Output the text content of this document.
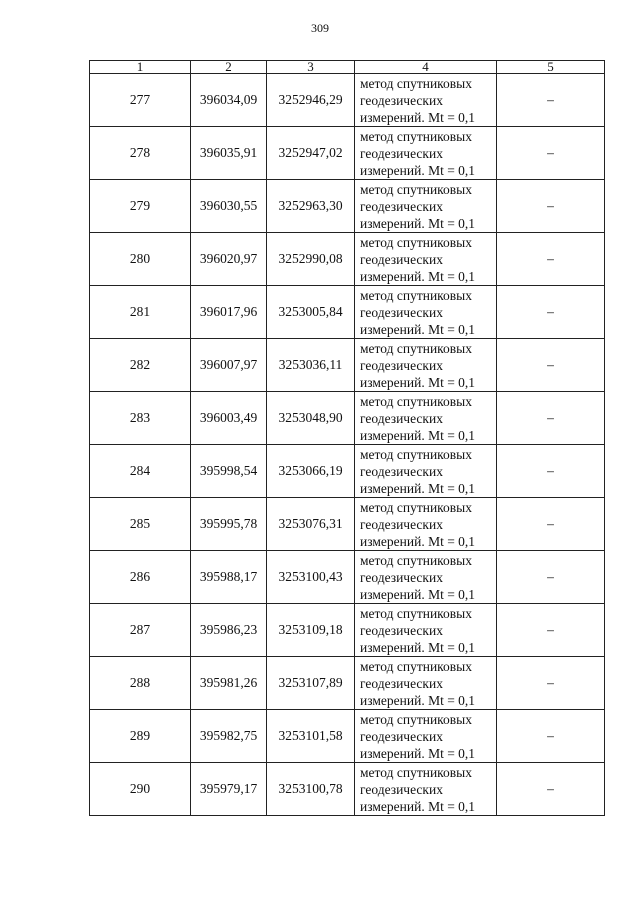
309
1	2	3	4	5
277	396034,09	3252946,29	метод спутниковых
геодезических
измерений. Mt = 0,1	–
278	396035,91	3252947,02	метод спутниковых
геодезических
измерений. Mt = 0,1	–
279	396030,55	3252963,30	метод спутниковых
геодезических
измерений. Mt = 0,1	–
280	396020,97	3252990,08	метод спутниковых
геодезических
измерений. Mt = 0,1	–
281	396017,96	3253005,84	метод спутниковых
геодезических
измерений. Mt = 0,1	–
282	396007,97	3253036,11	метод спутниковых
геодезических
измерений. Mt = 0,1	–
283	396003,49	3253048,90	метод спутниковых
геодезических
измерений. Mt = 0,1	–
284	395998,54	3253066,19	метод спутниковых
геодезических
измерений. Mt = 0,1	–
285	395995,78	3253076,31	метод спутниковых
геодезических
измерений. Mt = 0,1	–
286	395988,17	3253100,43	метод спутниковых
геодезических
измерений. Mt = 0,1	–
287	395986,23	3253109,18	метод спутниковых
геодезических
измерений. Mt = 0,1	–
288	395981,26	3253107,89	метод спутниковых
геодезических
измерений. Mt = 0,1	–
289	395982,75	3253101,58	метод спутниковых
геодезических
измерений. Mt = 0,1	–
290	395979,17	3253100,78	метод спутниковых
геодезических
измерений. Mt = 0,1	–
